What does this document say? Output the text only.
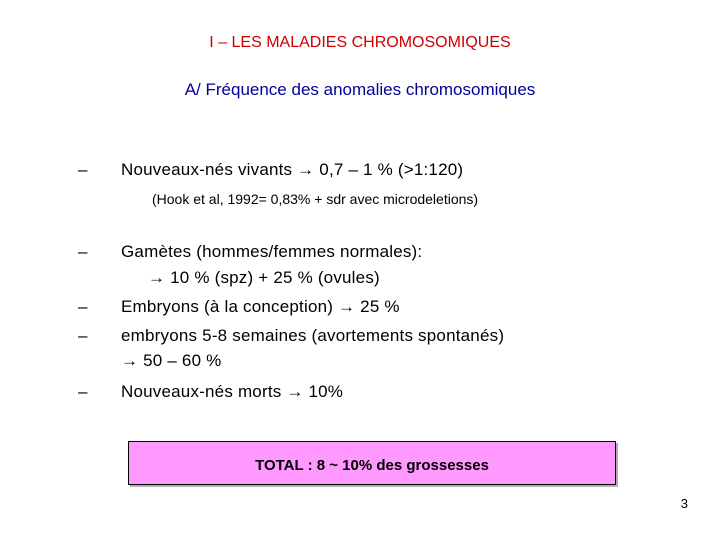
I – LES MALADIES CHROMOSOMIQUES
A/ Fréquence des anomalies chromosomiques
– Nouveaux-nés vivants → 0,7 – 1 % (>1:120)
(Hook et al, 1992= 0,83% + sdr avec microdeletions)
– Gamètes (hommes/femmes normales):
→ 10 % (spz) + 25 % (ovules)
– Embryons (à la conception) → 25 %
– embryons 5-8 semaines (avortements spontanés)
→ 50 – 60 %
– Nouveaux-nés morts → 10%
TOTAL : 8 ~ 10% des grossesses
3
